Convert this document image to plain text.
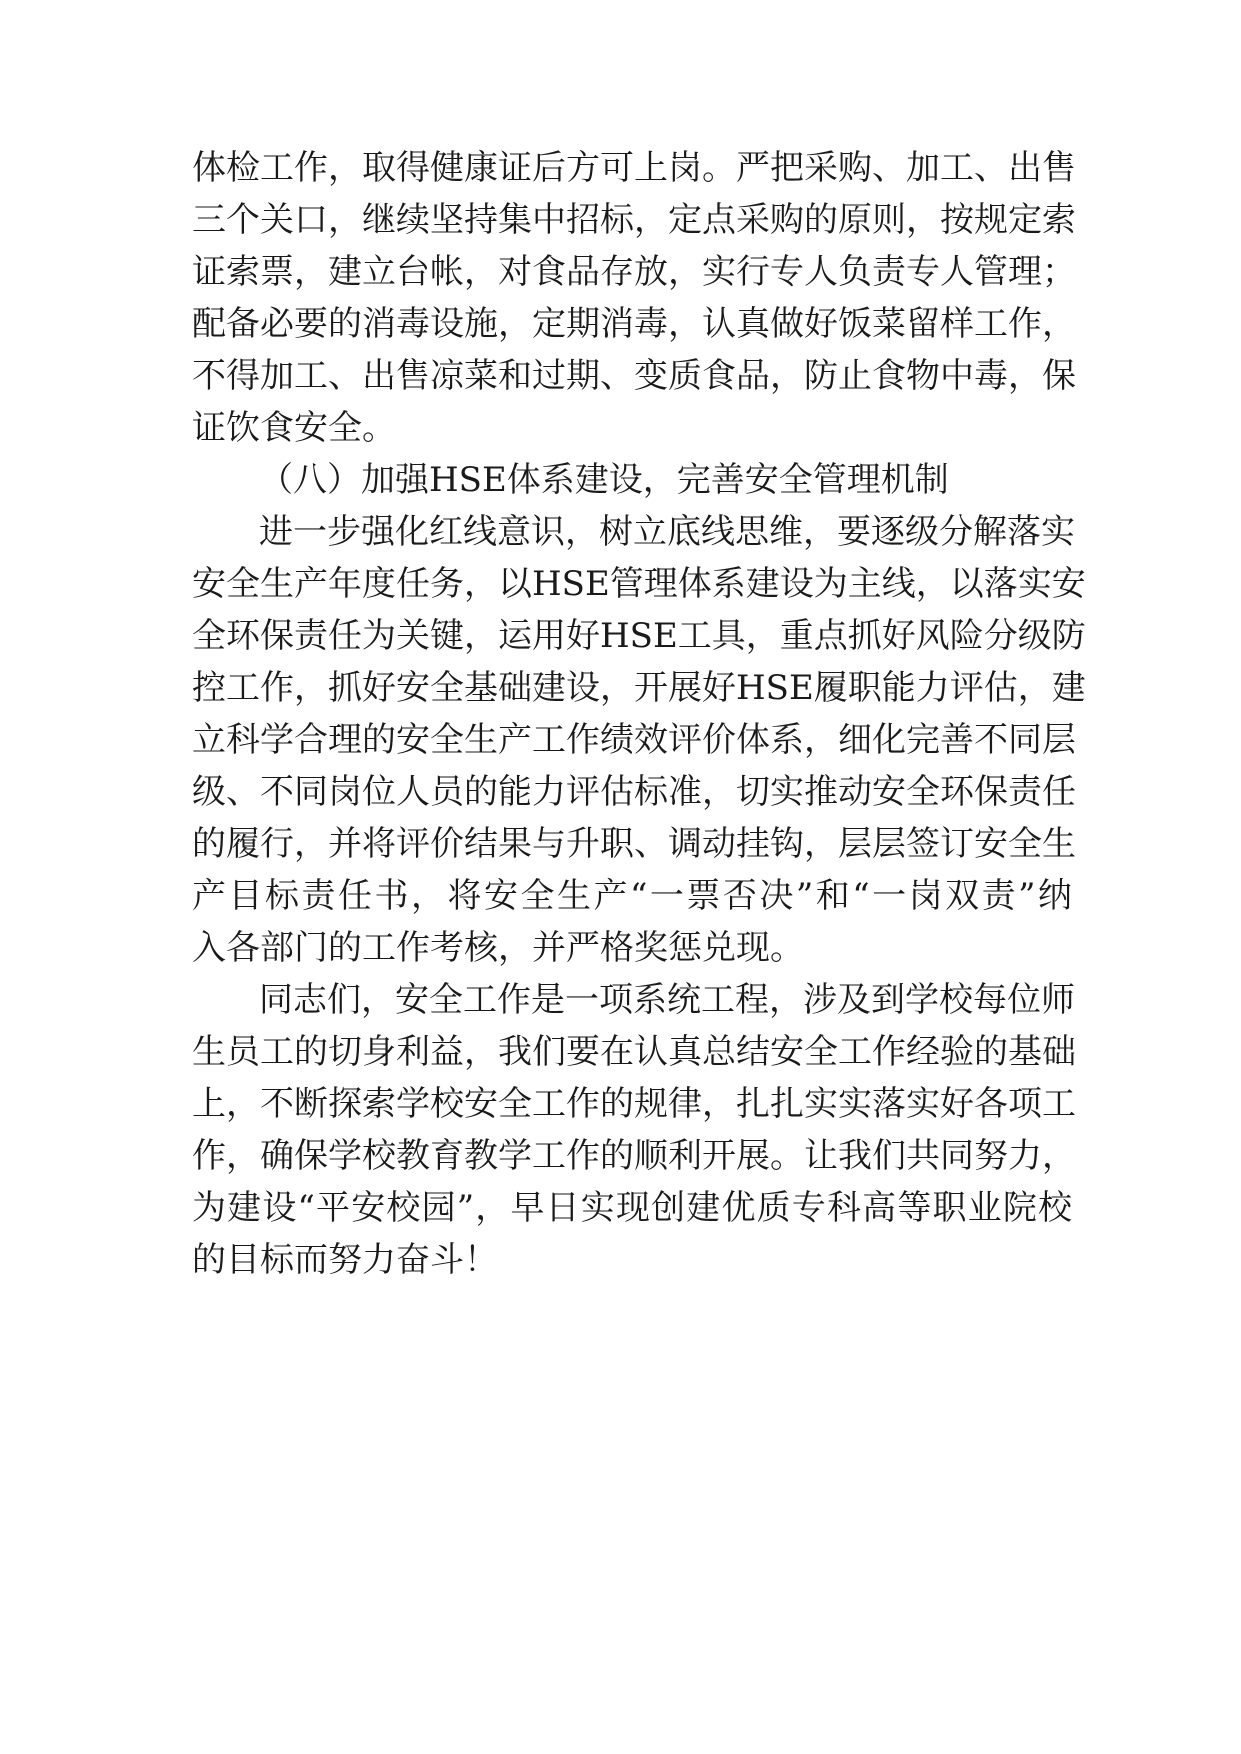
体检工作，取得健康证后方可上岗。严把采购、加工、出售
三个关口，继续坚持集中招标，定点采购的原则，按规定索
证索票，建立台帐，对食品存放，实行专人负责专人管理；
配备必要的消毒设施，定期消毒，认真做好饭菜留样工作，
不得加工、出售凉菜和过期、变质食品，防止食物中毒，保
证饮食安全。
（八）加强HSE体系建设，完善安全管理机制
进一步强化红线意识，树立底线思维，要逐级分解落实
安全生产年度任务，以HSE管理体系建设为主线，以落实安
全环保责任为关键，运用好HSE工具，重点抓好风险分级防
控工作，抓好安全基础建设，开展好HSE履职能力评估，建
立科学合理的安全生产工作绩效评价体系，细化完善不同层
级、不同岗位人员的能力评估标准，切实推动安全环保责任
的履行，并将评价结果与升职、调动挂钩，层层签订安全生
产目标责任书，将安全生产“一票否决”和“一岗双责”纳
入各部门的工作考核，并严格奖惩兑现。
同志们，安全工作是一项系统工程，涉及到学校每位师
生员工的切身利益，我们要在认真总结安全工作经验的基础
上，不断探索学校安全工作的规律，扎扎实实落实好各项工
作，确保学校教育教学工作的顺利开展。让我们共同努力，
为建设“平安校园”，早日实现创建优质专科高等职业院校
的目标而努力奋斗！
